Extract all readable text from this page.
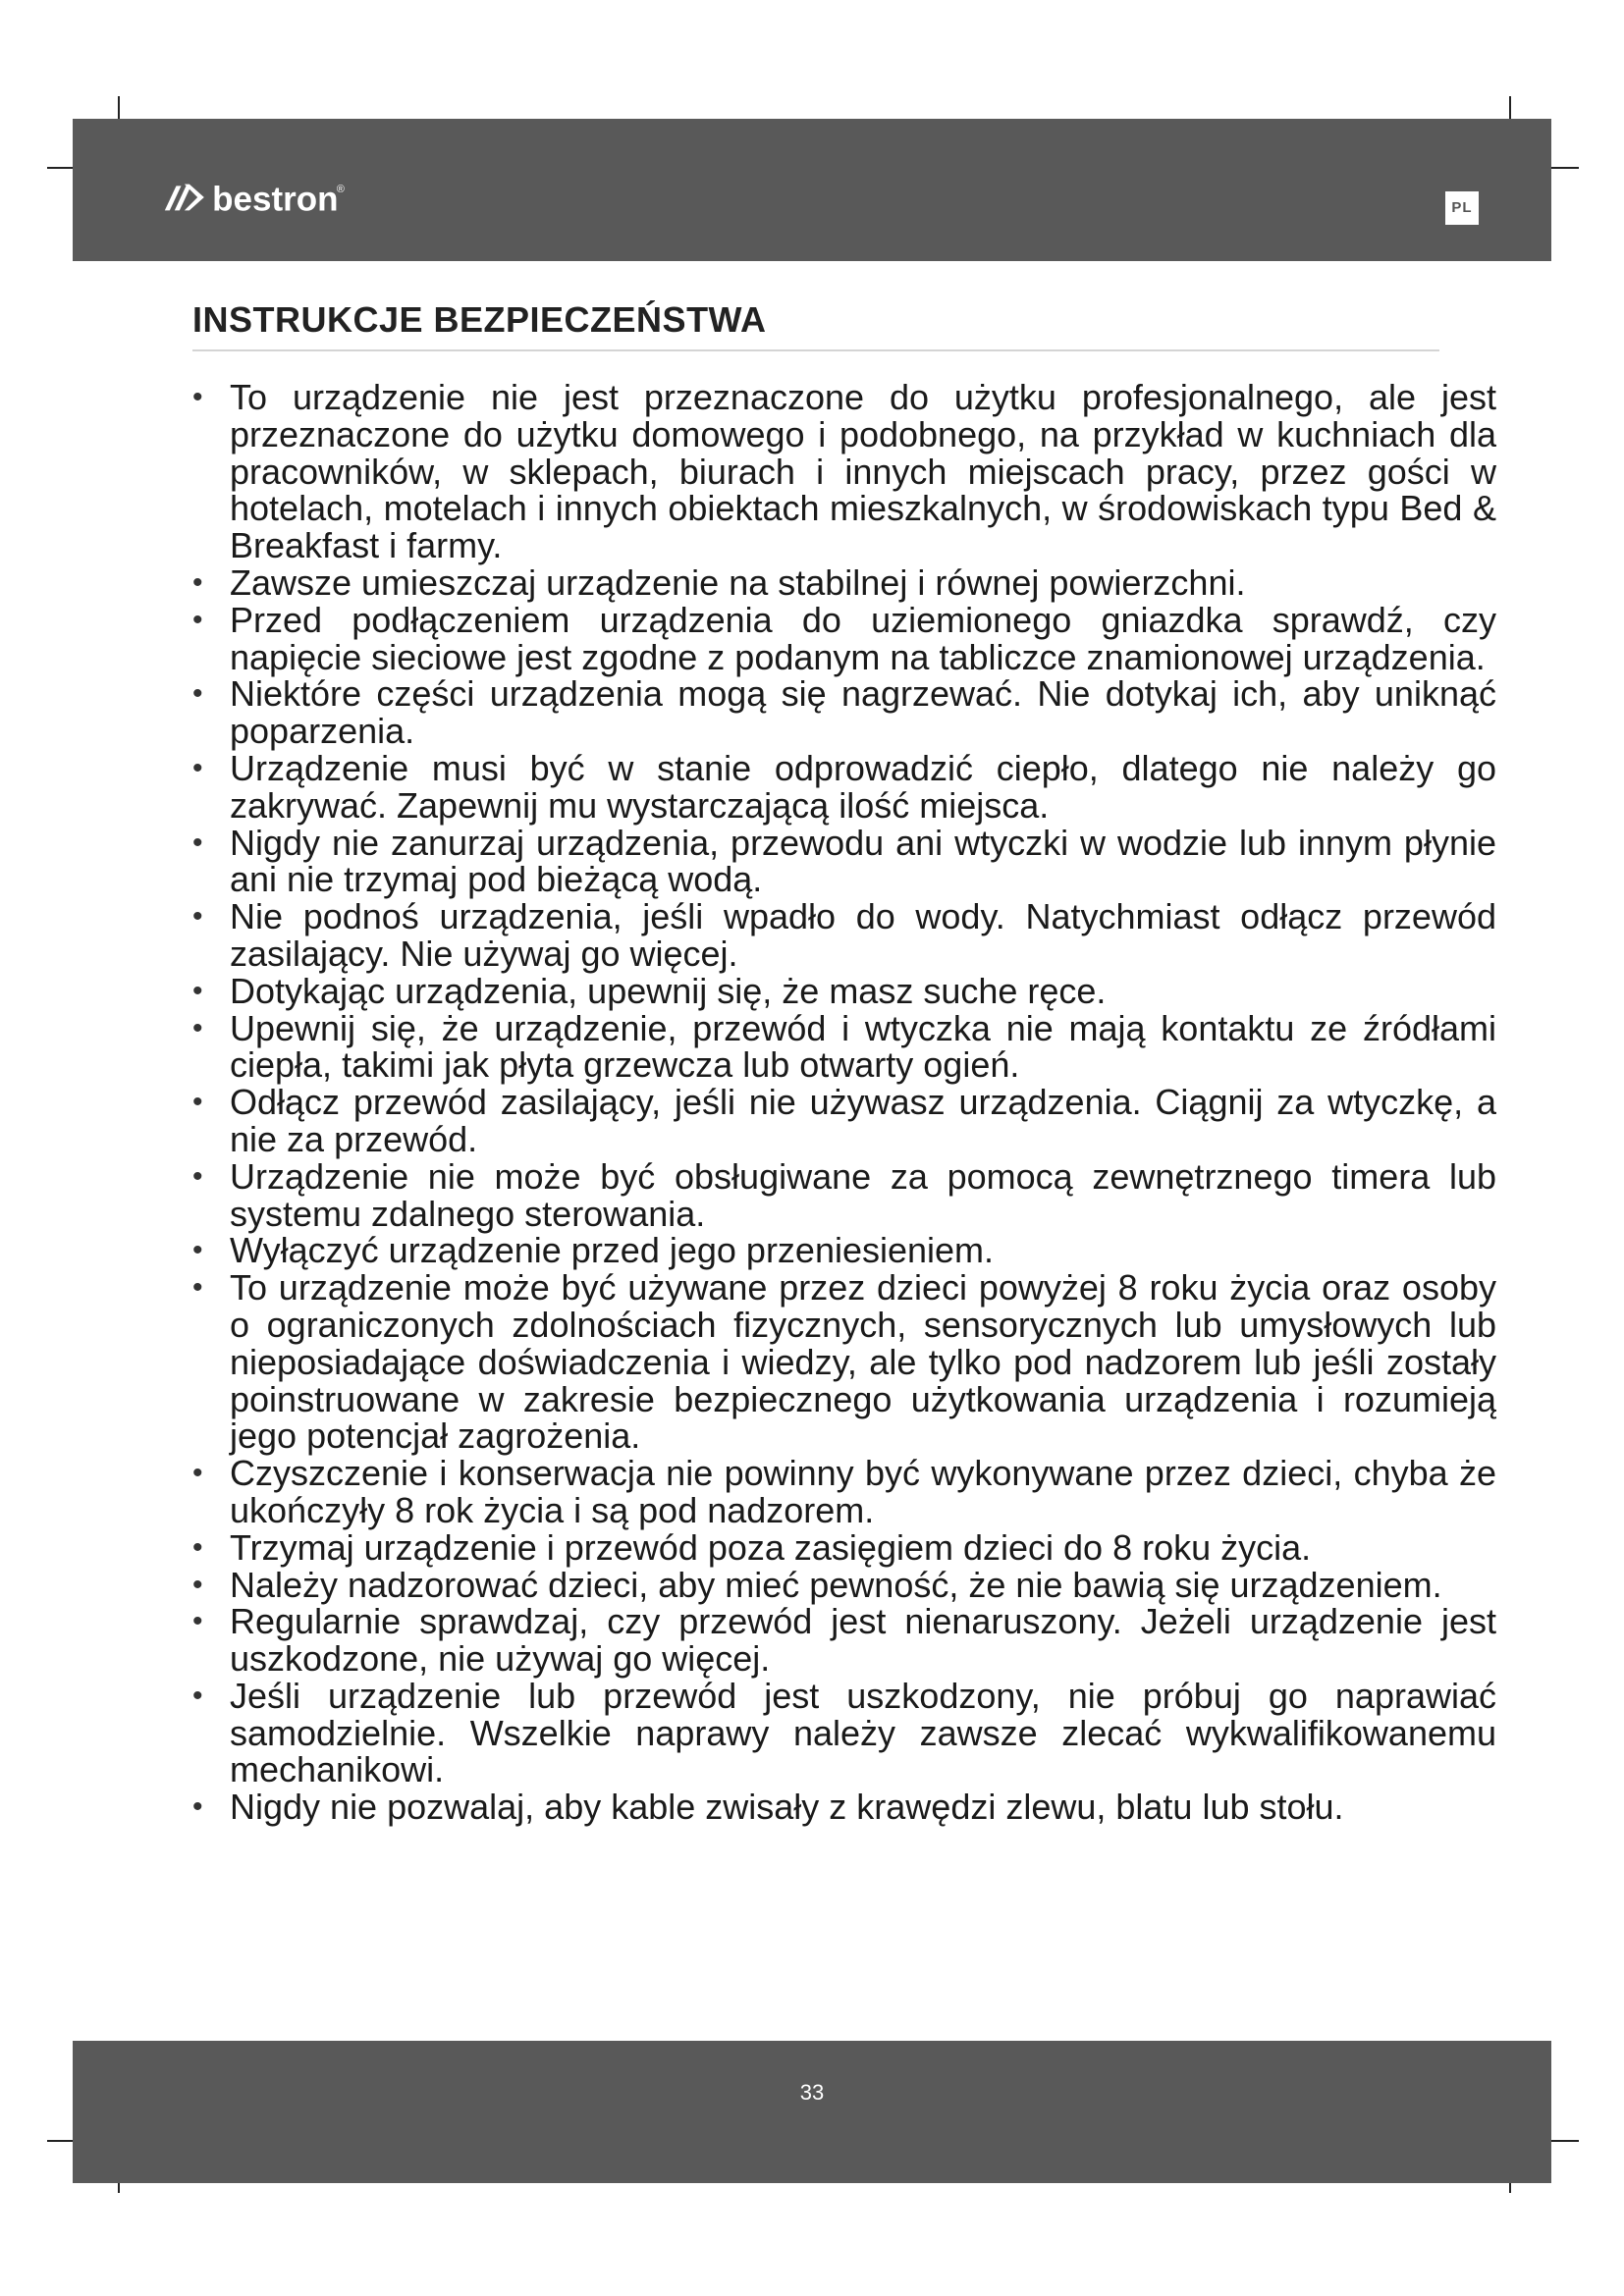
bestron
®
PL
INSTRUKCJE BEZPIECZEŃSTWA
• To urządzenie nie jest przeznaczone do użytku profesjonalnego, ale jest przeznaczone do użytku domowego i podobnego, na przykład w kuchniach dla pracowników, w sklepach, biurach i innych miejscach pracy, przez gości w hotelach, motelach i innych obiektach mieszkalnych, w środowiskach typu Bed & Breakfast i farmy.
• Zawsze umieszczaj urządzenie na stabilnej i równej powierzchni.
• Przed podłączeniem urządzenia do uziemionego gniazdka sprawdź, czy napięcie sieciowe jest zgodne z podanym na tabliczce znamionowej urządzenia.
• Niektóre części urządzenia mogą się nagrzewać. Nie dotykaj ich, aby uniknąć poparzenia.
• Urządzenie musi być w stanie odprowadzić ciepło, dlatego nie należy go zakrywać. Zapewnij mu wystarczającą ilość miejsca.
• Nigdy nie zanurzaj urządzenia, przewodu ani wtyczki w wodzie lub innym płynie ani nie trzymaj pod bieżącą wodą.
• Nie podnoś urządzenia, jeśli wpadło do wody. Natychmiast odłącz przewód zasilający. Nie używaj go więcej.
• Dotykając urządzenia, upewnij się, że masz suche ręce.
• Upewnij się, że urządzenie, przewód i wtyczka nie mają kontaktu ze źródłami ciepła, takimi jak płyta grzewcza lub otwarty ogień.
• Odłącz przewód zasilający, jeśli nie używasz urządzenia. Ciągnij za wtyczkę, a nie za przewód.
• Urządzenie nie może być obsługiwane za pomocą zewnętrznego timera lub systemu zdalnego sterowania.
• Wyłączyć urządzenie przed jego przeniesieniem.
• To urządzenie może być używane przez dzieci powyżej 8 roku życia oraz osoby o ograniczonych zdolnościach fizycznych, sensorycznych lub umysłowych lub nieposiadające doświadczenia i wiedzy, ale tylko pod nadzorem lub jeśli zostały poinstruowane w zakresie bezpiecznego użytkowania urządzenia i rozumieją jego potencjał zagrożenia.
• Czyszczenie i konserwacja nie powinny być wykonywane przez dzieci, chyba że ukończyły 8 rok życia i są pod nadzorem.
• Trzymaj urządzenie i przewód poza zasięgiem dzieci do 8 roku życia.
• Należy nadzorować dzieci, aby mieć pewność, że nie bawią się urządzeniem.
• Regularnie sprawdzaj, czy przewód jest nienaruszony. Jeżeli urządzenie jest uszkodzone, nie używaj go więcej.
• Jeśli urządzenie lub przewód jest uszkodzony, nie próbuj go naprawiać samodzielnie. Wszelkie naprawy należy zawsze zlecać wykwalifikowanemu mechanikowi.
• Nigdy nie pozwalaj, aby kable zwisały z krawędzi zlewu, blatu lub stołu.
33
